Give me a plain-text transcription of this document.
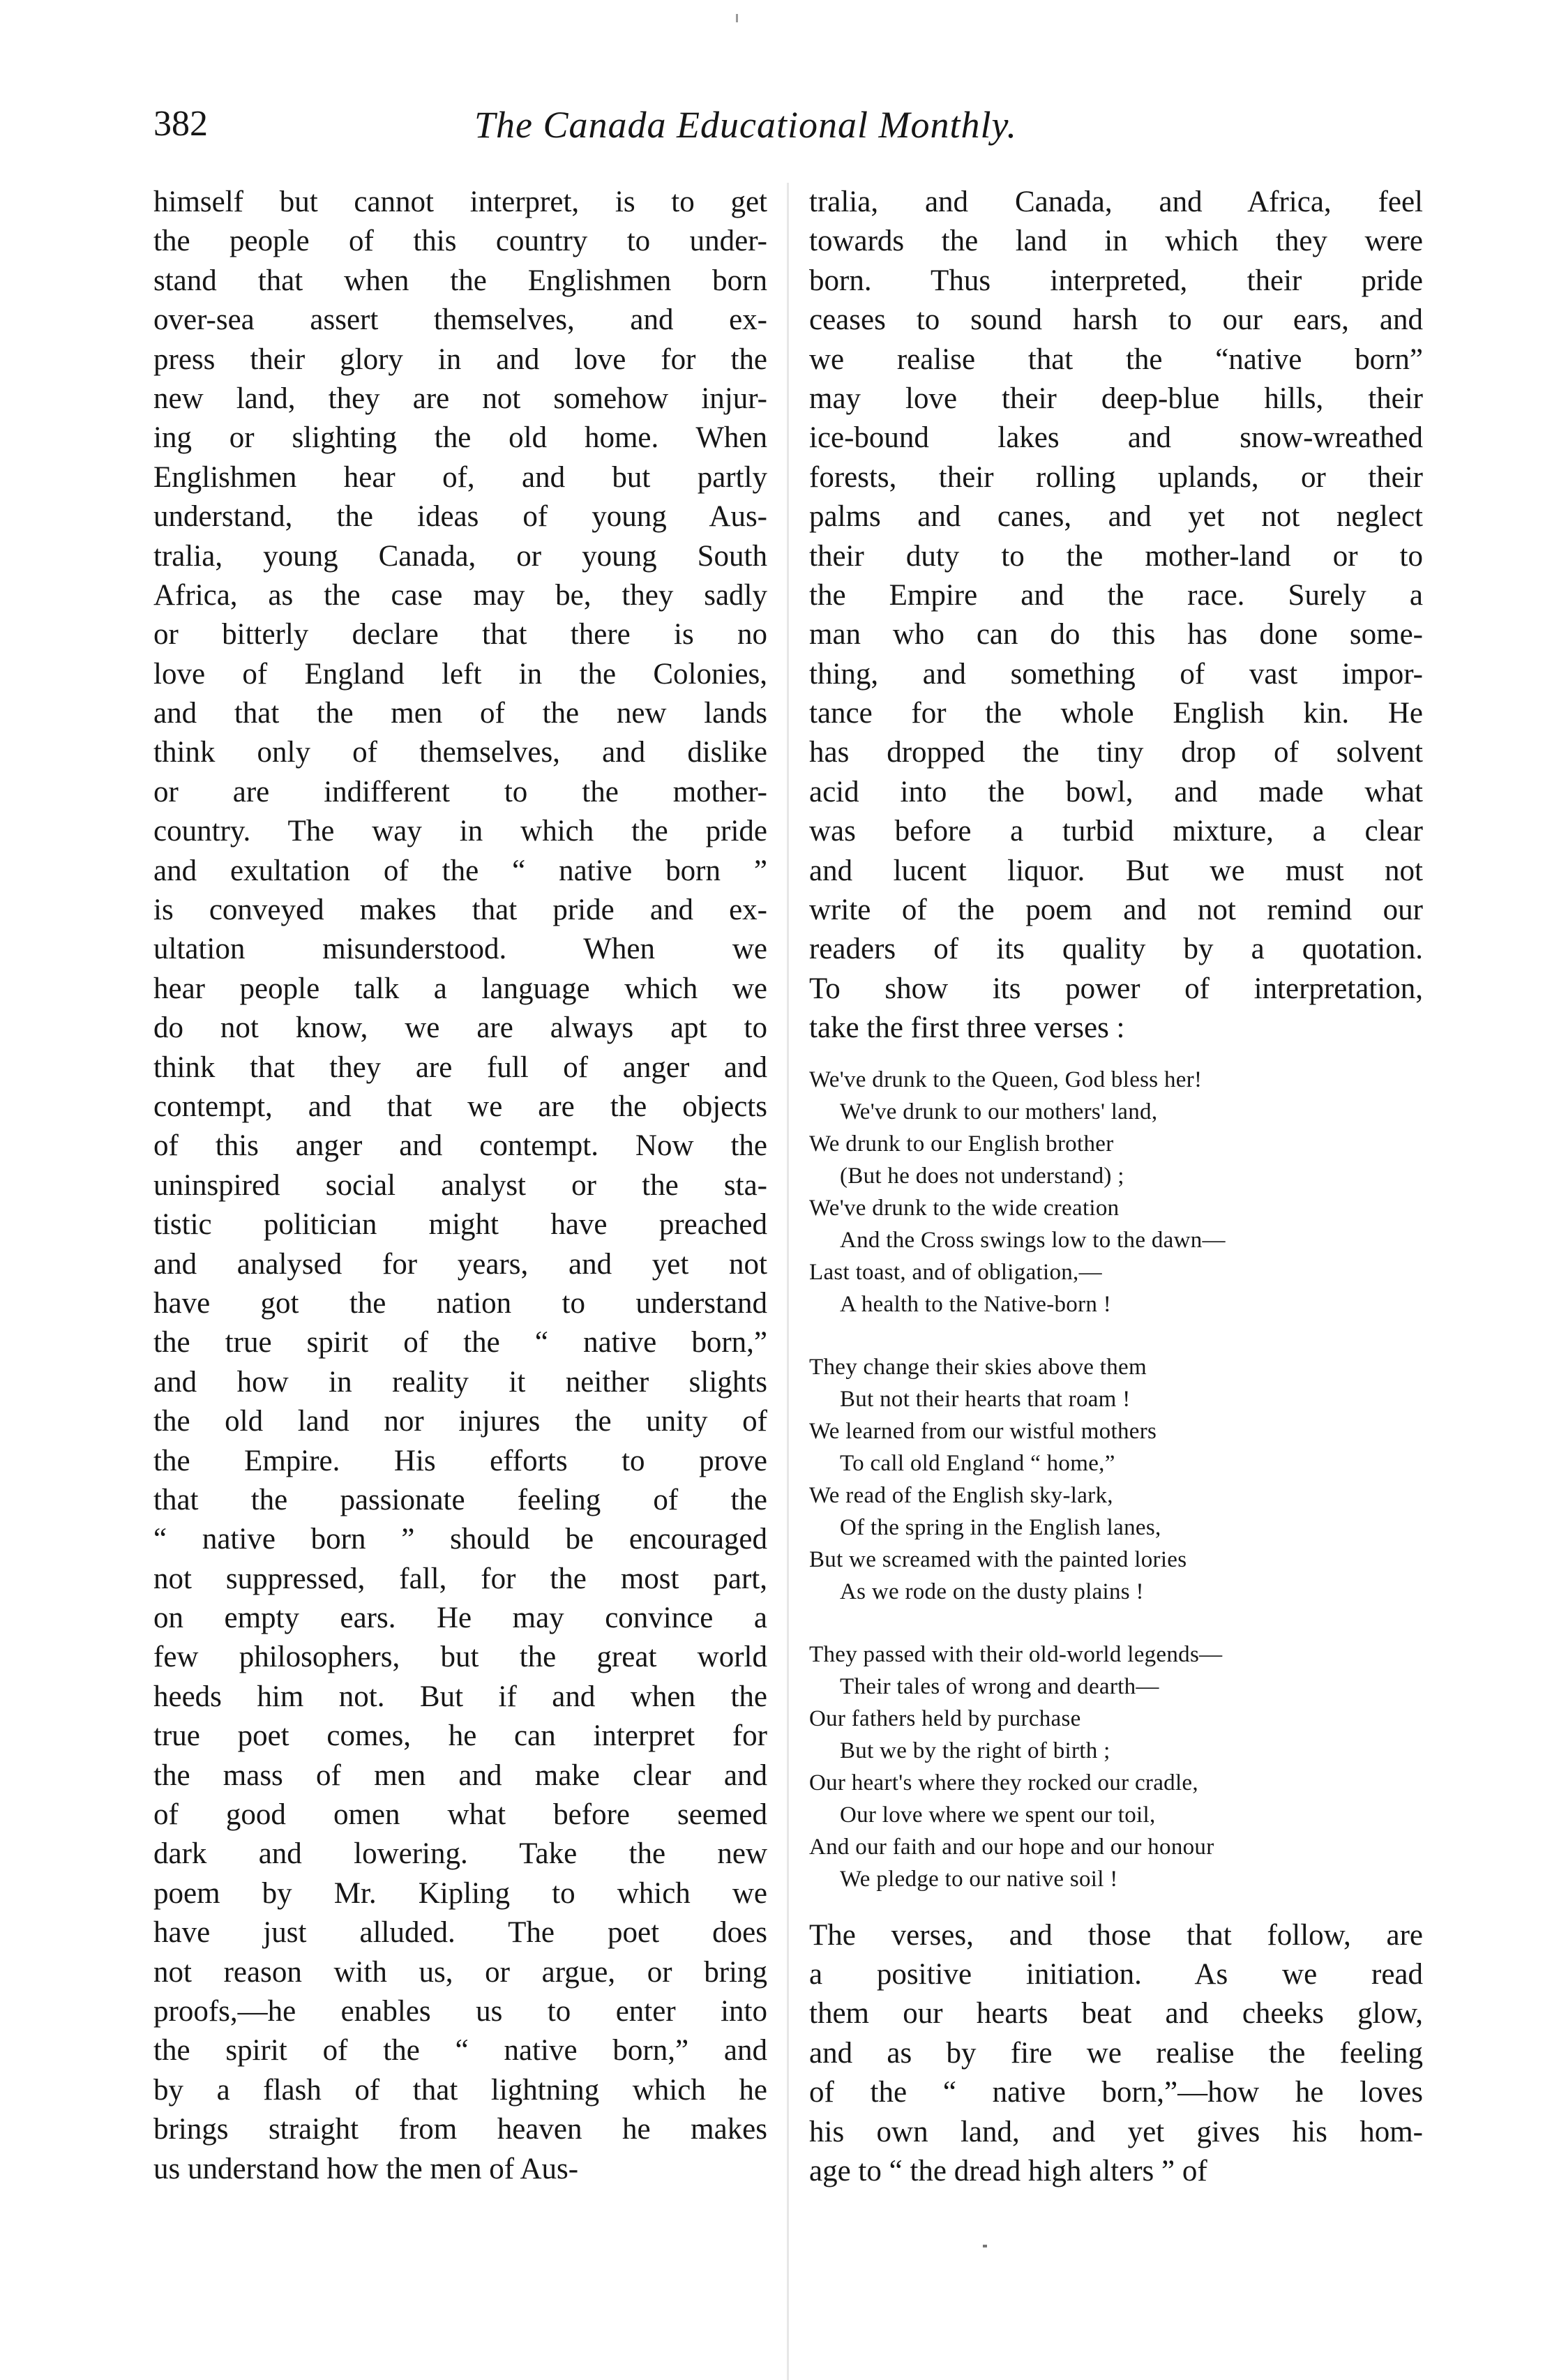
382	The Canada Educational Monthly.
himself but cannot interpret, is to get
the people of this country to under-
stand that when the Englishmen born
over-sea assert themselves, and ex-
press their glory in and love for the
new land, they are not somehow injur-
ing or slighting the old home. When
Englishmen hear of, and but partly
understand, the ideas of young Aus-
tralia, young Canada, or young South
Africa, as the case may be, they sadly
or bitterly declare that there is no
love of England left in the Colonies,
and that the men of the new lands
think only of themselves, and dislike
or are indifferent to the mother-
country. The way in which the pride
and exultation of the “ native born ”
is conveyed makes that pride and ex-
ultation misunderstood. When we
hear people talk a language which we
do not know, we are always apt to
think that they are full of anger and
contempt, and that we are the objects
of this anger and contempt. Now the
uninspired social analyst or the sta-
tistic politician might have preached
and analysed for years, and yet not
have got the nation to understand
the true spirit of the “ native born,”
and how in reality it neither slights
the old land nor injures the unity of
the Empire. His efforts to prove
that the passionate feeling of the
“ native born ” should be encouraged
not suppressed, fall, for the most part,
on empty ears. He may convince a
few philosophers, but the great world
heeds him not. But if and when the
true poet comes, he can interpret for
the mass of men and make clear and
of good omen what before seemed
dark and lowering. Take the new
poem by Mr. Kipling to which we
have just alluded. The poet does
not reason with us, or argue, or bring
proofs,—he enables us to enter into
the spirit of the “ native born,” and
by a flash of that lightning which he
brings straight from heaven he makes
us understand how the men of Aus-
tralia, and Canada, and Africa, feel
towards the land in which they were
born. Thus interpreted, their pride
ceases to sound harsh to our ears, and
we realise that the “native born”
may love their deep-blue hills, their
ice-bound lakes and snow-wreathed
forests, their rolling uplands, or their
palms and canes, and yet not neglect
their duty to the mother-land or to
the Empire and the race. Surely a
man who can do this has done some-
thing, and something of vast impor-
tance for the whole English kin. He
has dropped the tiny drop of solvent
acid into the bowl, and made what
was before a turbid mixture, a clear
and lucent liquor. But we must not
write of the poem and not remind our
readers of its quality by a quotation.
To show its power of interpretation,
take the first three verses :
We've drunk to the Queen, God bless her!
We've drunk to our mothers' land,
We drunk to our English brother
(But he does not understand) ;
We've drunk to the wide creation
And the Cross swings low to the dawn—
Last toast, and of obligation,—
A health to the Native-born !
They change their skies above them
But not their hearts that roam !
We learned from our wistful mothers
To call old England “ home,”
We read of the English sky-lark,
Of the spring in the English lanes,
But we screamed with the painted lories
As we rode on the dusty plains !
They passed with their old-world legends—
Their tales of wrong and dearth—
Our fathers held by purchase
But we by the right of birth ;
Our heart's where they rocked our cradle,
Our love where we spent our toil,
And our faith and our hope and our honour
We pledge to our native soil !
The verses, and those that follow, are
a positive initiation. As we read
them our hearts beat and cheeks glow,
and as by fire we realise the feeling
of the “ native born,”—how he loves
his own land, and yet gives his hom-
age to “ the dread high alters ” of
